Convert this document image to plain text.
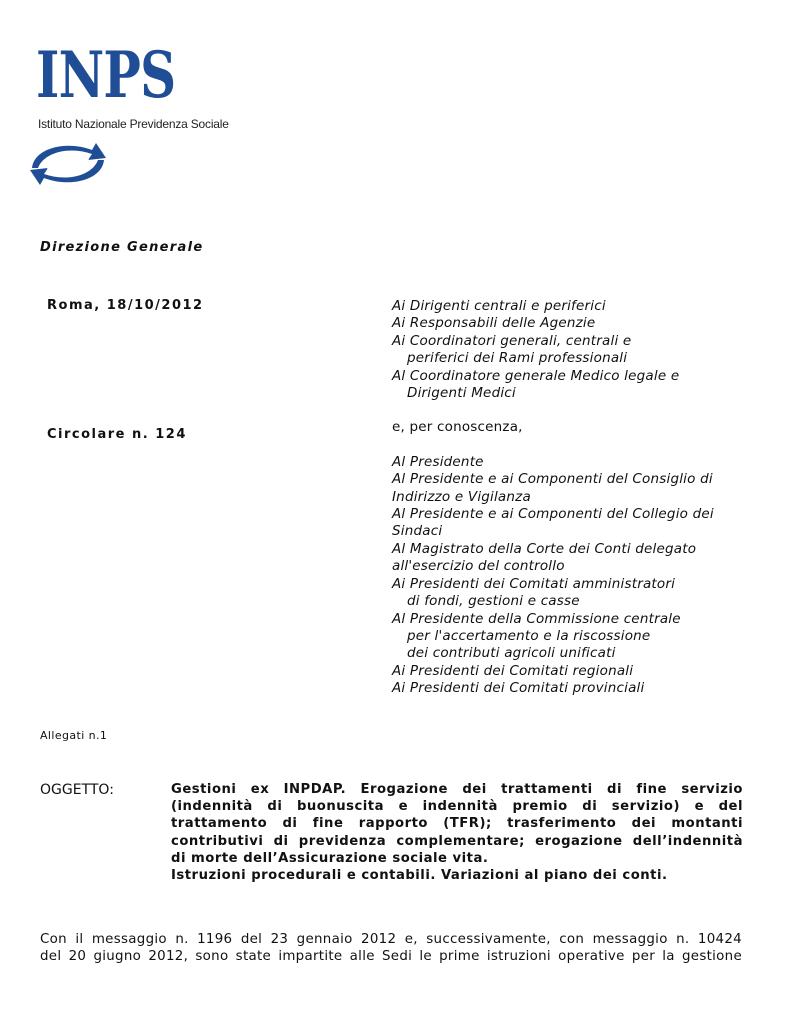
INPS
Istituto Nazionale Previdenza Sociale
Direzione Generale
Roma, 18/10/2012
Circolare n. 124
Ai Dirigenti centrali e periferici
Ai Responsabili delle Agenzie
Ai Coordinatori generali, centrali e
periferici dei Rami professionali
Al Coordinatore generale Medico legale e
Dirigenti Medici
e, per conoscenza,
Al Presidente
Al Presidente e ai Componenti del Consiglio di
Indirizzo e Vigilanza
Al Presidente e ai Componenti del Collegio dei
Sindaci
Al Magistrato della Corte dei Conti delegato
all'esercizio del controllo
Ai Presidenti dei Comitati amministratori
di fondi, gestioni e casse
Al Presidente della Commissione centrale
per l'accertamento e la riscossione
dei contributi agricoli unificati
Ai Presidenti dei Comitati regionali
Ai Presidenti dei Comitati provinciali
Allegati n.1
OGGETTO:	Gestioni ex INPDAP. Erogazione dei trattamenti di fine servizio
(indennità di buonuscita e indennità premio di servizio) e del
trattamento di fine rapporto (TFR); trasferimento dei montanti
contributivi di previdenza complementare; erogazione dell’indennità
di morte dell’Assicurazione sociale vita.
Istruzioni procedurali e contabili. Variazioni al piano dei conti.
Con il messaggio n. 1196 del 23 gennaio 2012 e, successivamente, con messaggio n. 10424
del 20 giugno 2012, sono state impartite alle Sedi le prime istruzioni operative per la gestione
